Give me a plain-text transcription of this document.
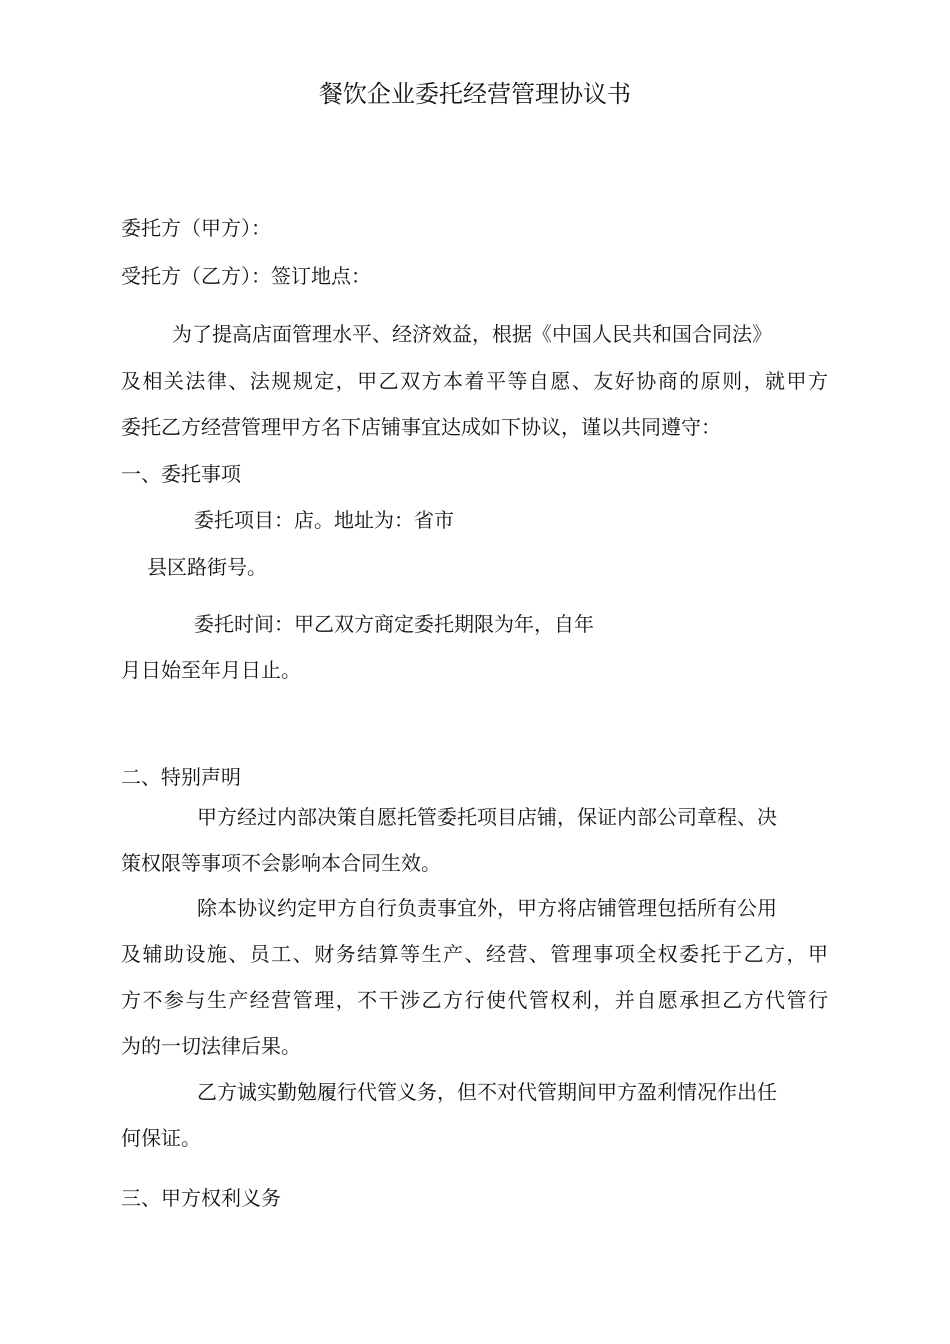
餐饮企业委托经营管理协议书
委托方（甲方）：
受托方（乙方）：签订地点：
为了提高店面管理水平、经济效益，根据《中国人民共和国合同法》
及相关法律、法规规定，甲乙双方本着平等自愿、友好协商的原则，就甲方
委托乙方经营管理甲方名下店铺事宜达成如下协议，谨以共同遵守：
一、委托事项
委托项目：店。地址为：省市
县区路街号。
委托时间：甲乙双方商定委托期限为年，自年
月日始至年月日止。
二、特别声明
甲方经过内部决策自愿托管委托项目店铺，保证内部公司章程、决
策权限等事项不会影响本合同生效。
除本协议约定甲方自行负责事宜外，甲方将店铺管理包括所有公用
及辅助设施、员工、财务结算等生产、经营、管理事项全权委托于乙方，甲
方不参与生产经营管理，不干涉乙方行使代管权利，并自愿承担乙方代管行
为的一切法律后果。
乙方诚实勤勉履行代管义务，但不对代管期间甲方盈利情况作出任
何保证。
三、甲方权利义务
